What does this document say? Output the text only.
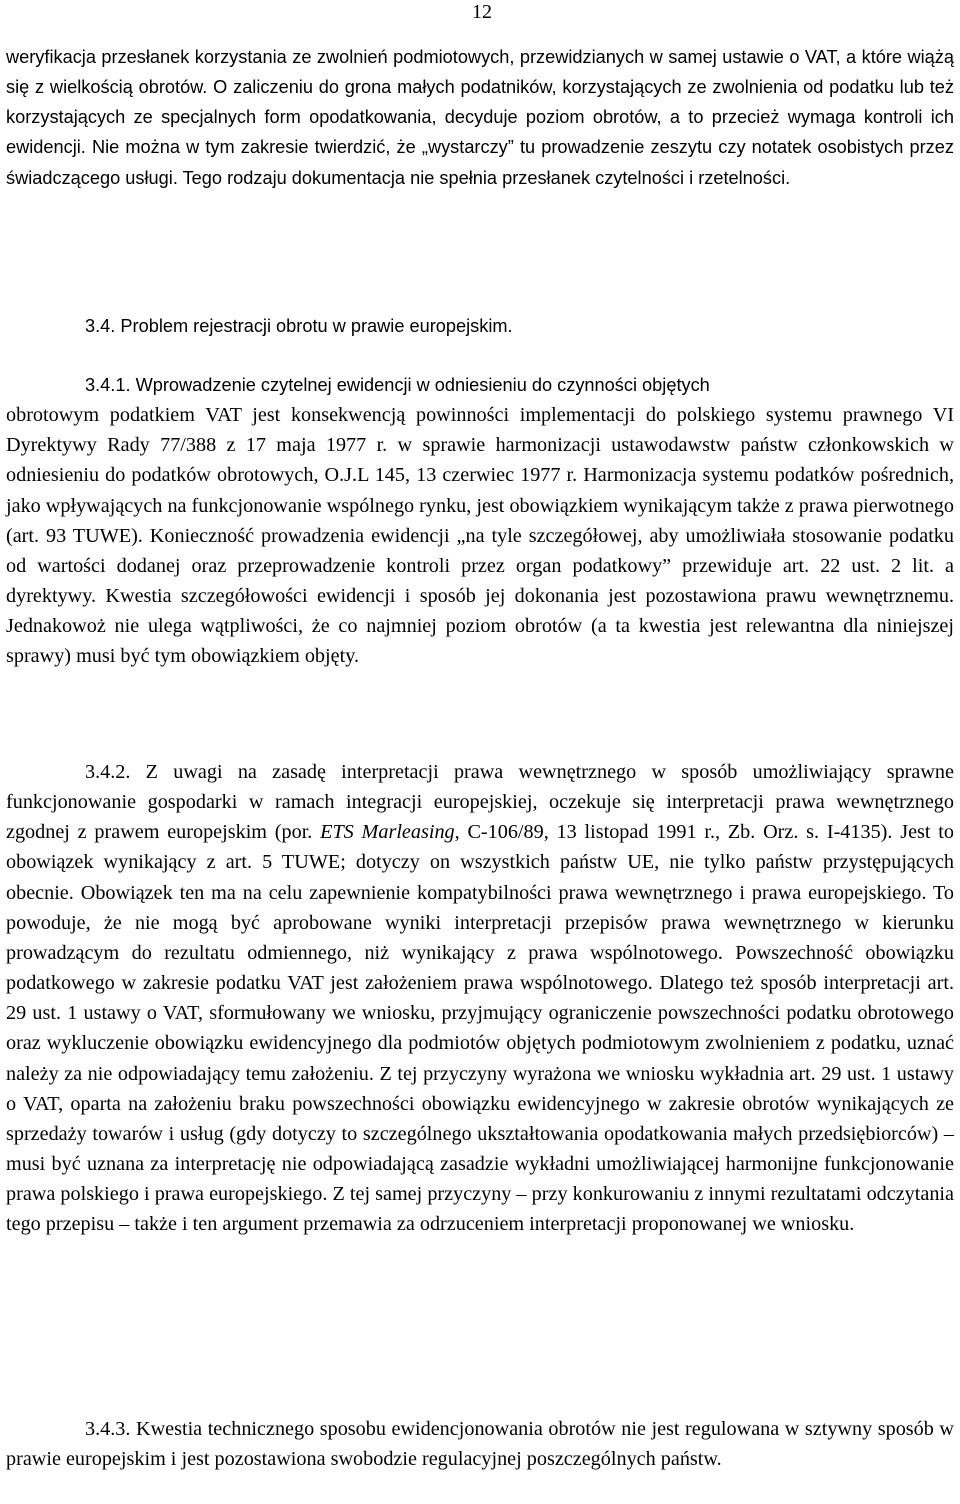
12

weryfikacja przesłanek korzystania ze zwolnień podmiotowych, przewidzianych w samej ustawie o VAT, a które wiążą się z wielkością obrotów. O zaliczeniu do grona małych podatników, korzystających ze zwolnienia od podatku lub też korzystających ze specjalnych form opodatkowania, decyduje poziom obrotów, a to przecież wymaga kontroli ich ewidencji. Nie można w tym zakresie twierdzić, że „wystarczy” tu prowadzenie zeszytu czy notatek osobistych przez świadczącego usługi. Tego rodzaju dokumentacja nie spełnia przesłanek czytelności i rzetelności.

3.4. Problem rejestracji obrotu w prawie europejskim.

3.4.1. Wprowadzenie czytelnej ewidencji w odniesieniu do czynności objętych

obrotowym podatkiem VAT jest konsekwencją powinności implementacji do polskiego systemu prawnego VI Dyrektywy Rady 77/388 z 17 maja 1977 r. w sprawie harmonizacji ustawodawstw państw członkowskich w odniesieniu do podatków obrotowych, O.J.L 145, 13 czerwiec 1977 r. Harmonizacja systemu podatków pośrednich, jako wpływających na funkcjonowanie wspólnego rynku, jest obowiązkiem wynikającym także z prawa pierwotnego (art. 93 TUWE). Konieczność prowadzenia ewidencji „na tyle szczegółowej, aby umożliwiała stosowanie podatku od wartości dodanej oraz przeprowadzenie kontroli przez organ podatkowy” przewiduje art. 22 ust. 2 lit. a dyrektywy. Kwestia szczegółowości ewidencji i sposób jej dokonania jest pozostawiona prawu wewnętrznemu. Jednakowoż nie ulega wątpliwości, że co najmniej poziom obrotów (a ta kwestia jest relewantna dla niniejszej sprawy) musi być tym obowiązkiem objęty.

3.4.2. Z uwagi na zasadę interpretacji prawa wewnętrznego w sposób umożliwiający sprawne funkcjonowanie gospodarki w ramach integracji europejskiej, oczekuje się interpretacji prawa wewnętrznego zgodnej z prawem europejskim (por. ETS Marleasing, C-106/89, 13 listopad 1991 r., Zb. Orz. s. I-4135). Jest to obowiązek wynikający z art. 5 TUWE; dotyczy on wszystkich państw UE, nie tylko państw przystępujących obecnie. Obowiązek ten ma na celu zapewnienie kompatybilności prawa wewnętrznego i prawa europejskiego. To powoduje, że nie mogą być aprobowane wyniki interpretacji przepisów prawa wewnętrznego w kierunku prowadzącym do rezultatu odmiennego, niż wynikający z prawa wspólnotowego. Powszechność obowiązku podatkowego w zakresie podatku VAT jest założeniem prawa wspólnotowego. Dlatego też sposób interpretacji art. 29 ust. 1 ustawy o VAT, sformułowany we wniosku, przyjmujący ograniczenie powszechności podatku obrotowego oraz wykluczenie obowiązku ewidencyjnego dla podmiotów objętych podmiotowym zwolnieniem z podatku, uznać należy za nie odpowiadający temu założeniu. Z tej przyczyny wyrażona we wniosku wykładnia art. 29 ust. 1 ustawy o VAT, oparta na założeniu braku powszechności obowiązku ewidencyjnego w zakresie obrotów wynikających ze sprzedaży towarów i usług (gdy dotyczy to szczególnego ukształtowania opodatkowania małych przedsiębiorców) – musi być uznana za interpretację nie odpowiadającą zasadzie wykładni umożliwiającej harmonijne funkcjonowanie prawa polskiego i prawa europejskiego. Z tej samej przyczyny – przy konkurowaniu z innymi rezultatami odczytania tego przepisu – także i ten argument przemawia za odrzuceniem interpretacji proponowanej we wniosku.

3.4.3. Kwestia technicznego sposobu ewidencjonowania obrotów nie jest regulowana w sztywny sposób w prawie europejskim i jest pozostawiona swobodzie regulacyjnej poszczególnych państw.
